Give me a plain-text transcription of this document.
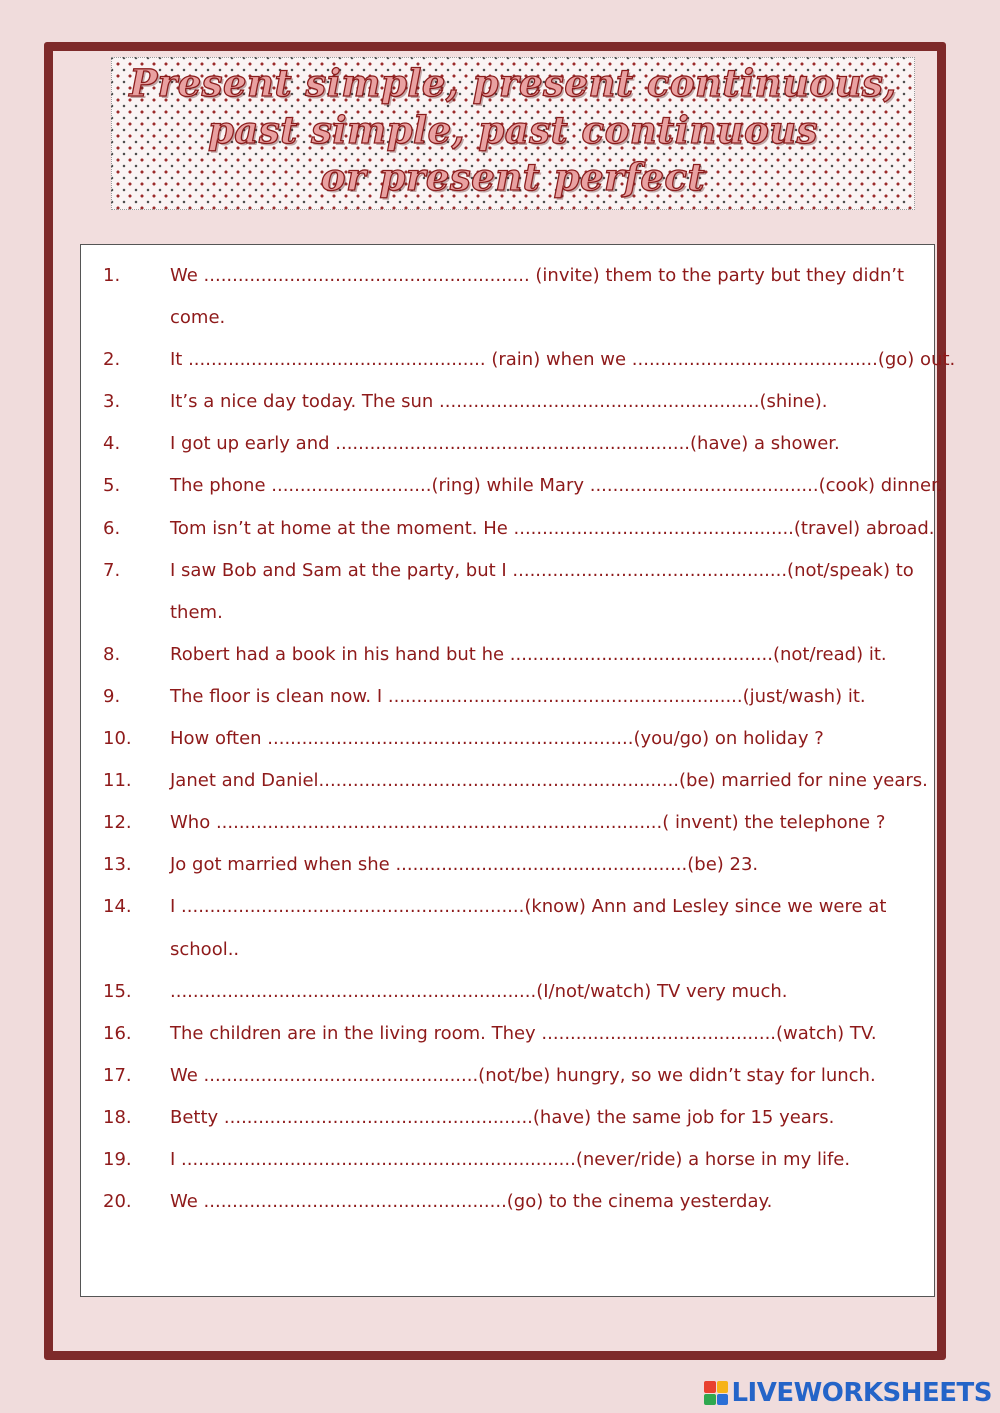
Present simple, present continuous,
past simple, past continuous
or present perfect
1.	We ......................................................... (invite) them to the party but they didn’t
come.
2.	It .................................................... (rain) when we ...........................................(go) out.
3.	It’s a nice day today. The sun ........................................................(shine).
4.	I got up early and ..............................................................(have) a shower.
5.	The phone ............................(ring) while Mary ........................................(cook) dinner.
6.	Tom isn’t at home at the moment. He .................................................(travel) abroad.
7.	I saw Bob and Sam at the party, but I ................................................(not/speak) to
them.
8.	Robert had a book in his hand but he ..............................................(not/read) it.
9.	The floor is clean now. I ..............................................................(just/wash) it.
10. How often ................................................................(you/go) on holiday ?
11. Janet and Daniel...............................................................(be) married for nine years.
12. Who ..............................................................................( invent) the telephone ?
13. Jo got married when she ...................................................(be) 23.
14. I ............................................................(know) Ann and Lesley since we were at
school..
15. ................................................................(I/not/watch) TV very much.
16. The children are in the living room. They .........................................(watch) TV.
17. We ................................................(not/be) hungry, so we didn’t stay for lunch.
18. Betty ......................................................(have) the same job for 15 years.
19. I .....................................................................(never/ride) a horse in my life.
20. We .....................................................(go) to the cinema yesterday.
LIVEWORKSHEETS
